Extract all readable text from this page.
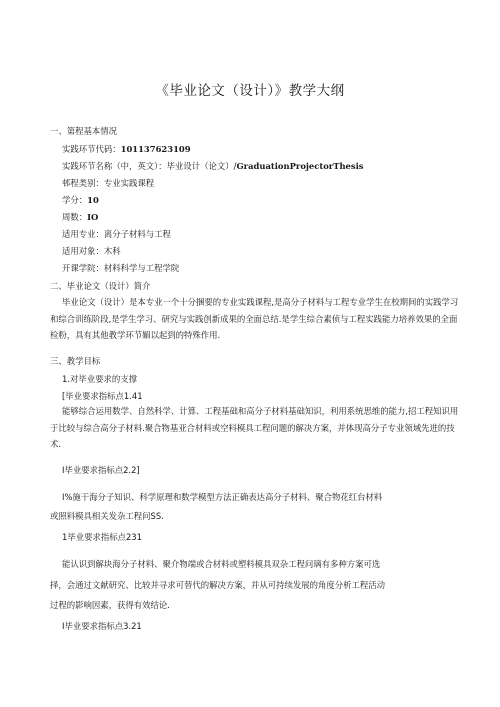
《毕业论文（设计）》教学大纲
一、第程基本情况
实践环节代码：101137623109
实践环节名称（中，英文）：毕业设计（论文）/GraduationProjectorThesis
邨程类别：专业实践课程
学分：10
周数：IO
适用专业：离分子材料与工程
适用对象：木科
开课学院：材料科学与工程学院
二、毕业论文（设计）简介
毕业论文（设计）是本专业一个十分捆要的专业实践课程,是高分子材料与工程专业学生在校期间的实践学习和综合训练阶段,是学生学习、研究与实践创新成果的全面总结.是学生综合素侦与工程实践能力培养效果的全面检粉，具有其他教学环节媚以起到的特殊作用.
三、教学目标
1.对毕业要求的支撑
[毕业要求指标点1.41
能够综合运用数学、自然科学、计算、工程基础和高分子材料基础知识，利用系统思维的能力,招工程知识用于比较与综合高分子材料.聚合物基亚合材料或空料模具工程问题的解决方案，并体现高分子专业领域先进的技术.
I毕业要求指标点2.2]
I%施干海分子知识、科学原理和数学模型方法正确表达高分子材料、聚合物花红台材料
或照料模具相关发杂工程问SS.
1毕业要求指标点231
能认识到解块海分子材料、聚介物端或合材料或塑料模具双杂工程问璃有多种方案可选
择，会通过文献研究、比较并寻求可替代的解决方案，并从可持续发展的角度分析工程活动
过程的影响因素，获得有效结论.
I毕业要求指标点3.21
